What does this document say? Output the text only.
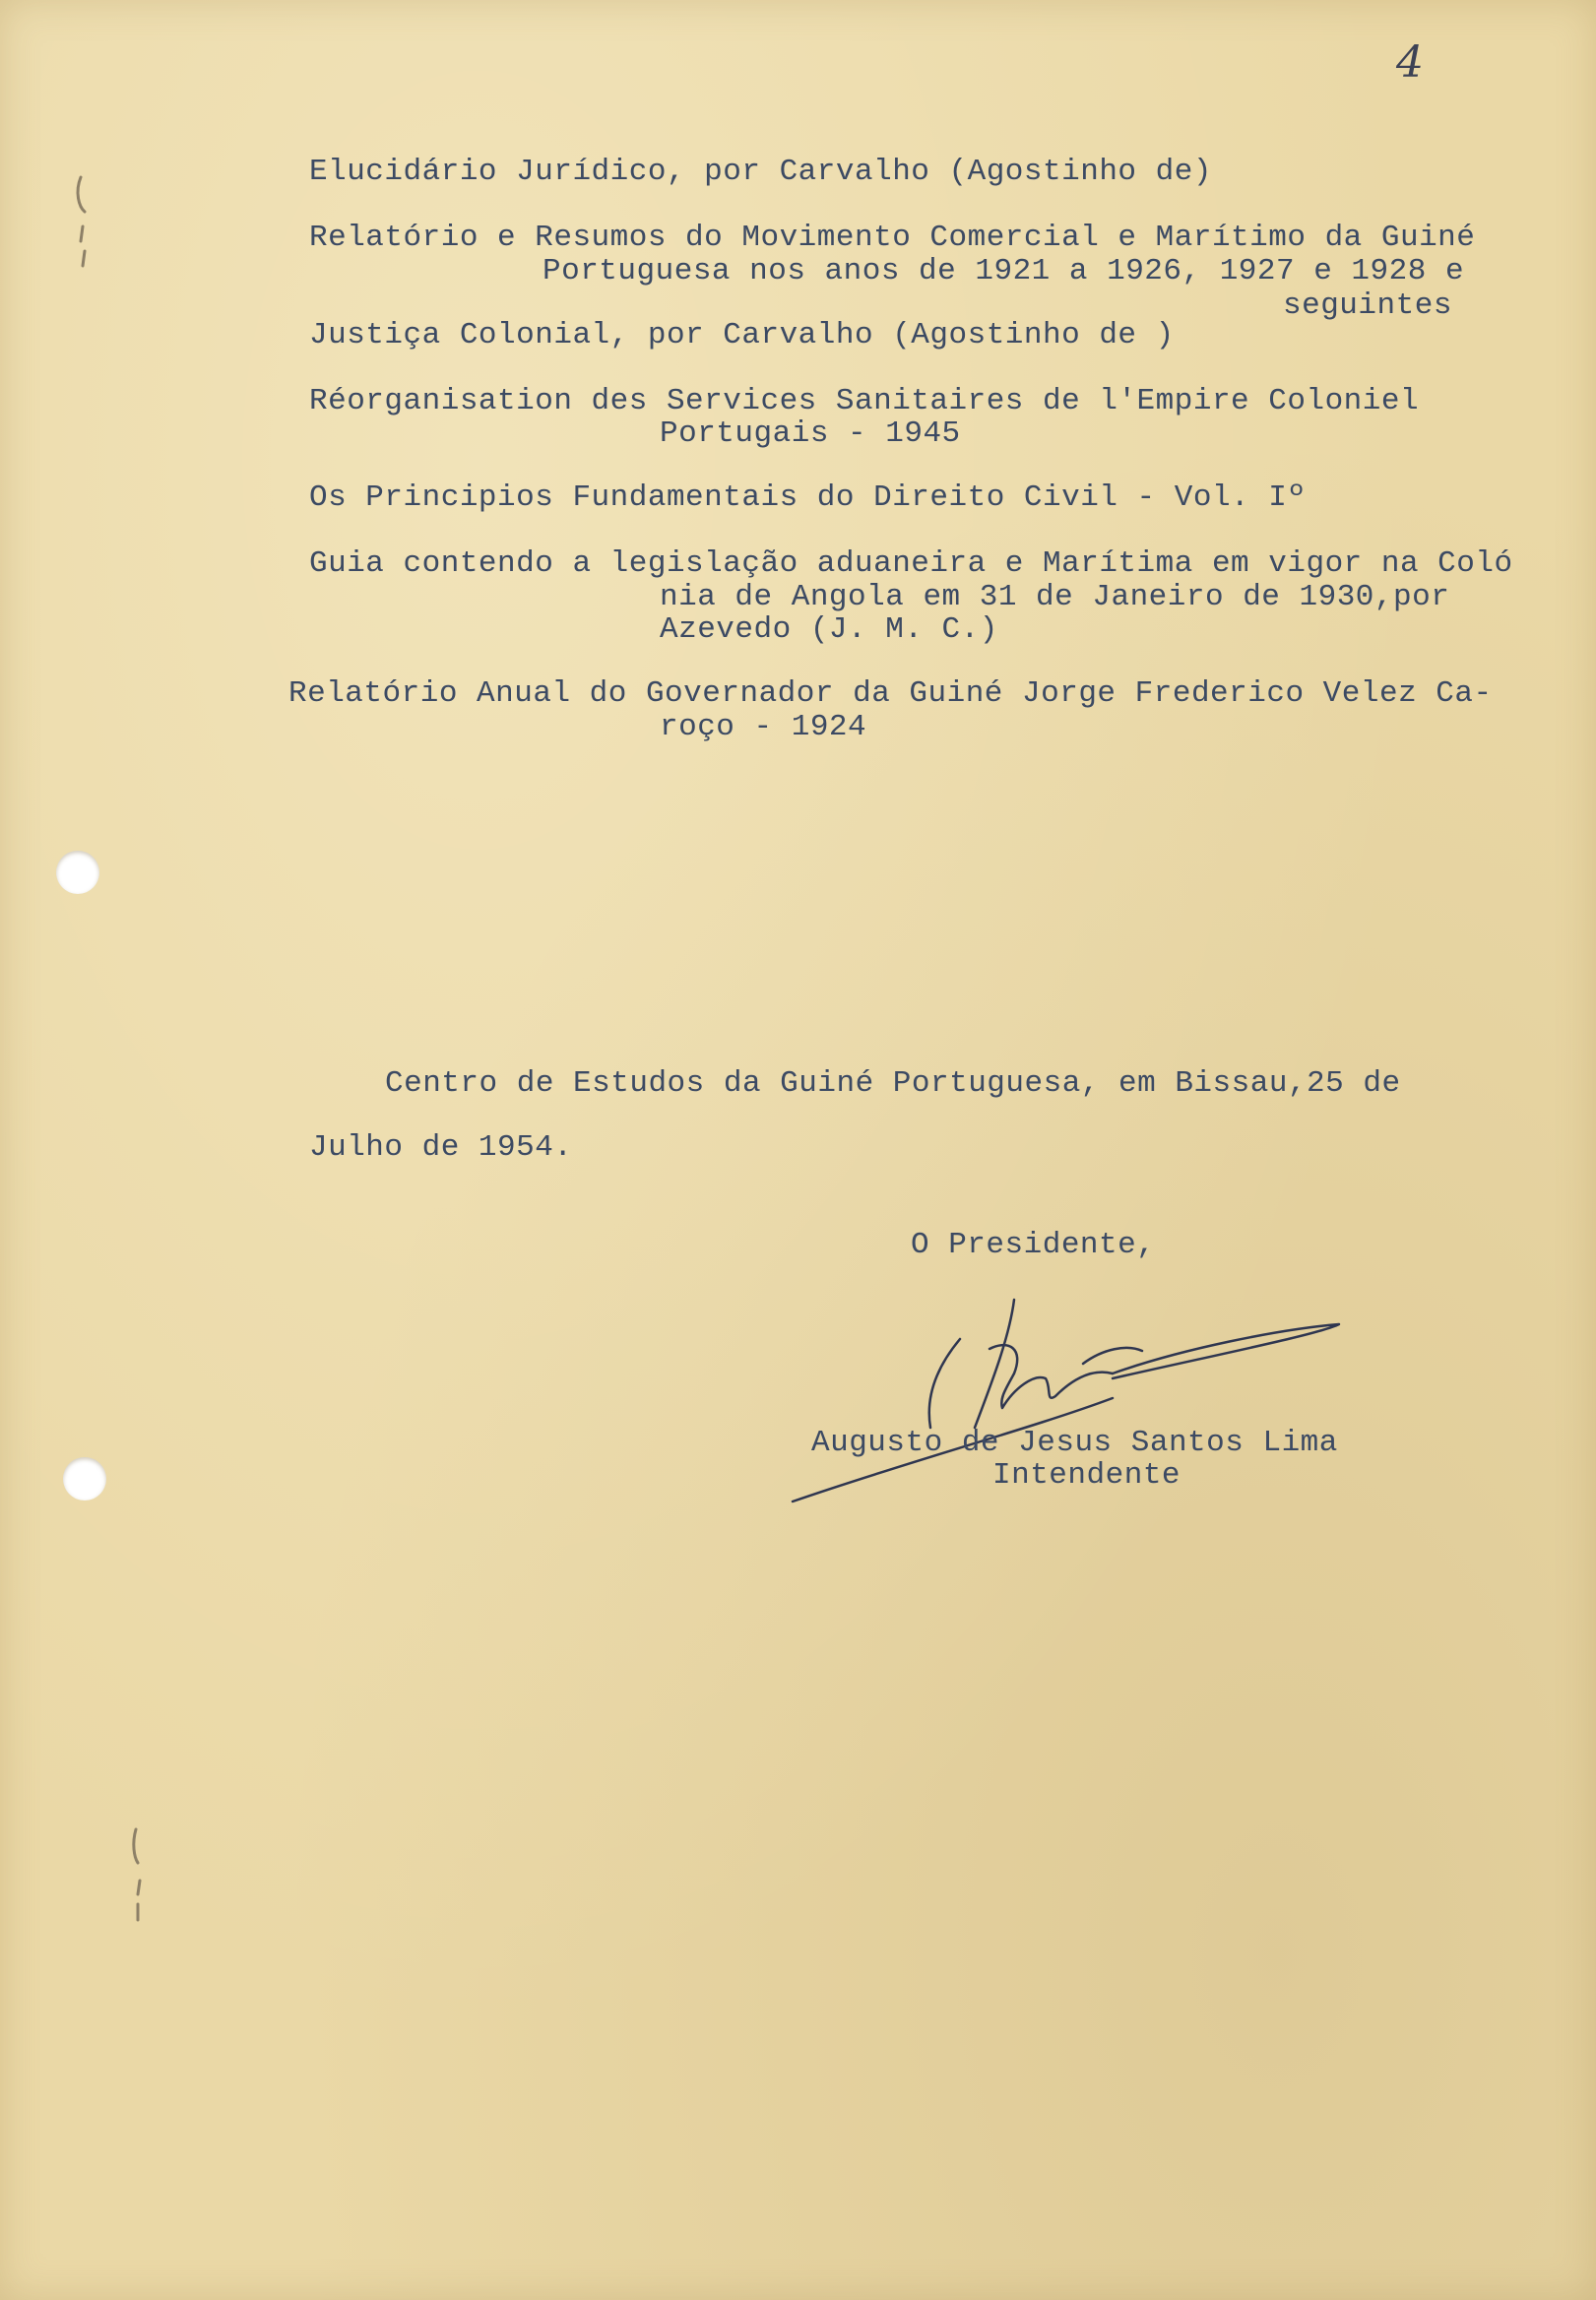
4
Elucidário Jurídico, por Carvalho (Agostinho de)
Relatório e Resumos do Movimento Comercial e Marítimo da Guiné
Portuguesa nos anos de 1921 a 1926, 1927 e 1928 e
seguintes
Justiça Colonial, por Carvalho (Agostinho de )
Réorganisation des Services Sanitaires de l'Empire Coloniel
Portugais - 1945
Os Principios Fundamentais do Direito Civil - Vol. Iº
Guia contendo a legislação aduaneira e Marítima em vigor na Coló
nia de Angola em 31 de Janeiro de 1930,por
Azevedo (J. M. C.)
Relatório Anual do Governador da Guiné Jorge Frederico Velez Ca-
roço - 1924
Centro de Estudos da Guiné Portuguesa, em Bissau,25 de
Julho de 1954.
O Presidente,
Augusto de Jesus Santos Lima
Intendente
